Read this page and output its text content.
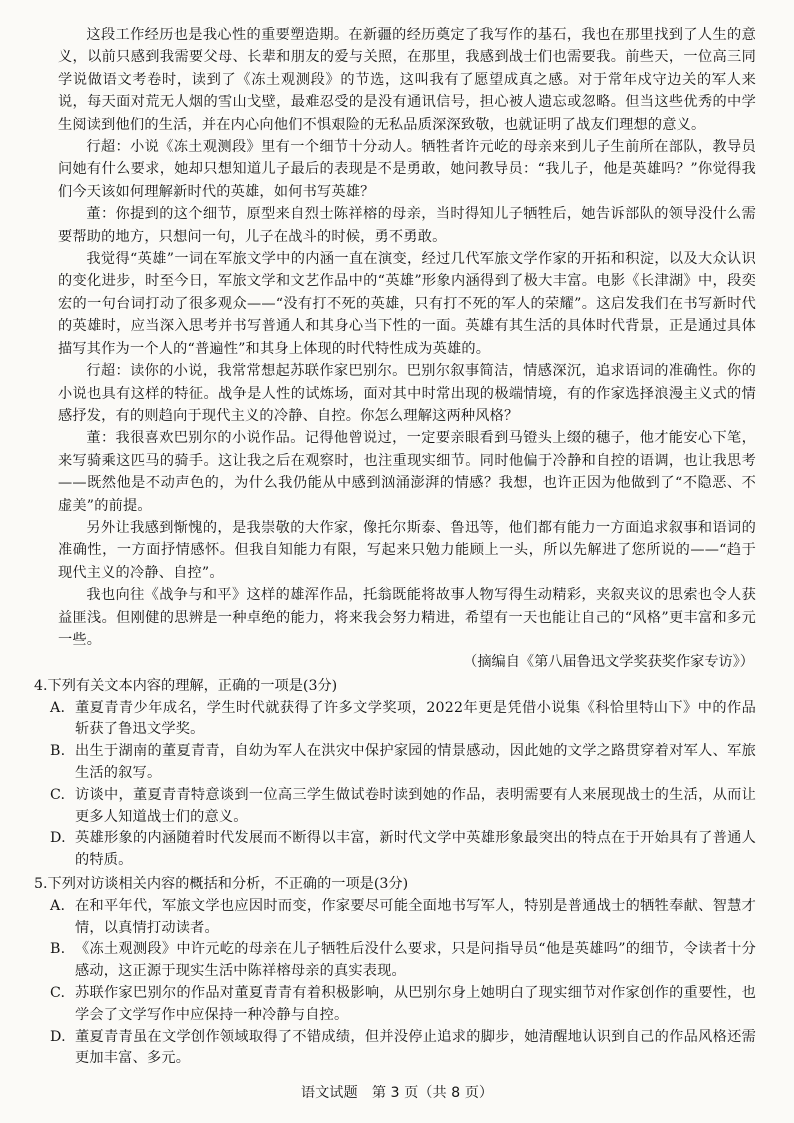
这段工作经历也是我心性的重要塑造期。在新疆的经历奠定了我写作的基石，我也在那里找到了人生的意义，以前只感到我需要父母、长辈和朋友的爱与关照，在那里，我感到战士们也需要我。前些天，一位高三同学说做语文考卷时，读到了《冻土观测段》的节选，这叫我有了愿望成真之感。对于常年戍守边关的军人来说，每天面对荒无人烟的雪山戈壁，最难忍受的是没有通讯信号，担心被人遗忘或忽略。但当这些优秀的中学生阅读到他们的生活，并在内心向他们不惧艰险的无私品质深深致敬，也就证明了战友们理想的意义。

行超：小说《冻土观测段》里有一个细节十分动人。牺牲者许元屹的母亲来到儿子生前所在部队，教导员问她有什么要求，她却只想知道儿子最后的表现是不是勇敢，她问教导员：“我儿子，他是英雄吗？”你觉得我们今天该如何理解新时代的英雄，如何书写英雄？

董：你提到的这个细节，原型来自烈士陈祥榕的母亲，当时得知儿子牺牲后，她告诉部队的领导没什么需要帮助的地方，只想问一句，儿子在战斗的时候，勇不勇敢。

我觉得“英雄”一词在军旅文学中的内涵一直在演变，经过几代军旅文学作家的开拓和积淀，以及大众认识的变化进步，时至今日，军旅文学和文艺作品中的“英雄”形象内涵得到了极大丰富。电影《长津湖》中，段奕宏的一句台词打动了很多观众——“没有打不死的英雄，只有打不死的军人的荣耀”。这启发我们在书写新时代的英雄时，应当深入思考并书写普通人和其身心当下性的一面。英雄有其生活的具体时代背景，正是通过具体描写其作为一个人的“普遍性”和其身上体现的时代特性成为英雄的。

行超：读你的小说，我常常想起苏联作家巴别尔。巴别尔叙事简洁，情感深沉，追求语词的准确性。你的小说也具有这样的特征。战争是人性的试炼场，面对其中时常出现的极端情境，有的作家选择浪漫主义式的情感抒发，有的则趋向于现代主义的冷静、自控。你怎么理解这两种风格？

董：我很喜欢巴别尔的小说作品。记得他曾说过，一定要亲眼看到马镫头上缀的穗子，他才能安心下笔，来写骑乘这匹马的骑手。这让我之后在观察时，也注重现实细节。同时他偏于冷静和自控的语调，也让我思考——既然他是不动声色的，为什么我仍能从中感到汹涌澎湃的情感？我想，也许正因为他做到了“不隐恶、不虚美”的前提。

另外让我感到惭愧的，是我崇敬的大作家，像托尔斯泰、鲁迅等，他们都有能力一方面追求叙事和语词的准确性，一方面抒情感怀。但我自知能力有限，写起来只勉力能顾上一头，所以先解进了您所说的——“趋于现代主义的冷静、自控”。

我也向往《战争与和平》这样的雄浑作品，托翁既能将故事人物写得生动精彩，夹叙夹议的思索也令人获益匪浅。但刚健的思辨是一种卓绝的能力，将来我会努力精进，希望有一天也能让自己的“风格”更丰富和多元一些。

（摘编自《第八届鲁迅文学奖获奖作家专访》）

4.下列有关文本内容的理解，正确的一项是(3分)

A. 董夏青青少年成名，学生时代就获得了许多文学奖项，2022年更是凭借小说集《科恰里特山下》中的作品斩获了鲁迅文学奖。

B. 出生于湖南的董夏青青，自幼为军人在洪灾中保护家园的情景感动，因此她的文学之路贯穿着对军人、军旅生活的叙写。

C. 访谈中，董夏青青特意谈到一位高三学生做试卷时读到她的作品，表明需要有人来展现战士的生活，从而让更多人知道战士们的意义。

D. 英雄形象的内涵随着时代发展而不断得以丰富，新时代文学中英雄形象最突出的特点在于开始具有了普通人的特质。

5.下列对访谈相关内容的概括和分析，不正确的一项是(3分)

A. 在和平年代，军旅文学也应因时而变，作家要尽可能全面地书写军人，特别是普通战士的牺牲奉献、智慧才情，以真情打动读者。

B. 《冻土观测段》中许元屹的母亲在儿子牺牲后没什么要求，只是问指导员“他是英雄吗”的细节，令读者十分感动，这正源于现实生活中陈祥榕母亲的真实表现。

C. 苏联作家巴别尔的作品对董夏青青有着积极影响，从巴别尔身上她明白了现实细节对作家创作的重要性，也学会了文学写作中应保持一种冷静与自控。

D. 董夏青青虽在文学创作领域取得了不错成绩，但并没停止追求的脚步，她清醒地认识到自己的作品风格还需更加丰富、多元。

语文试题　第 3 页（共 8 页）
